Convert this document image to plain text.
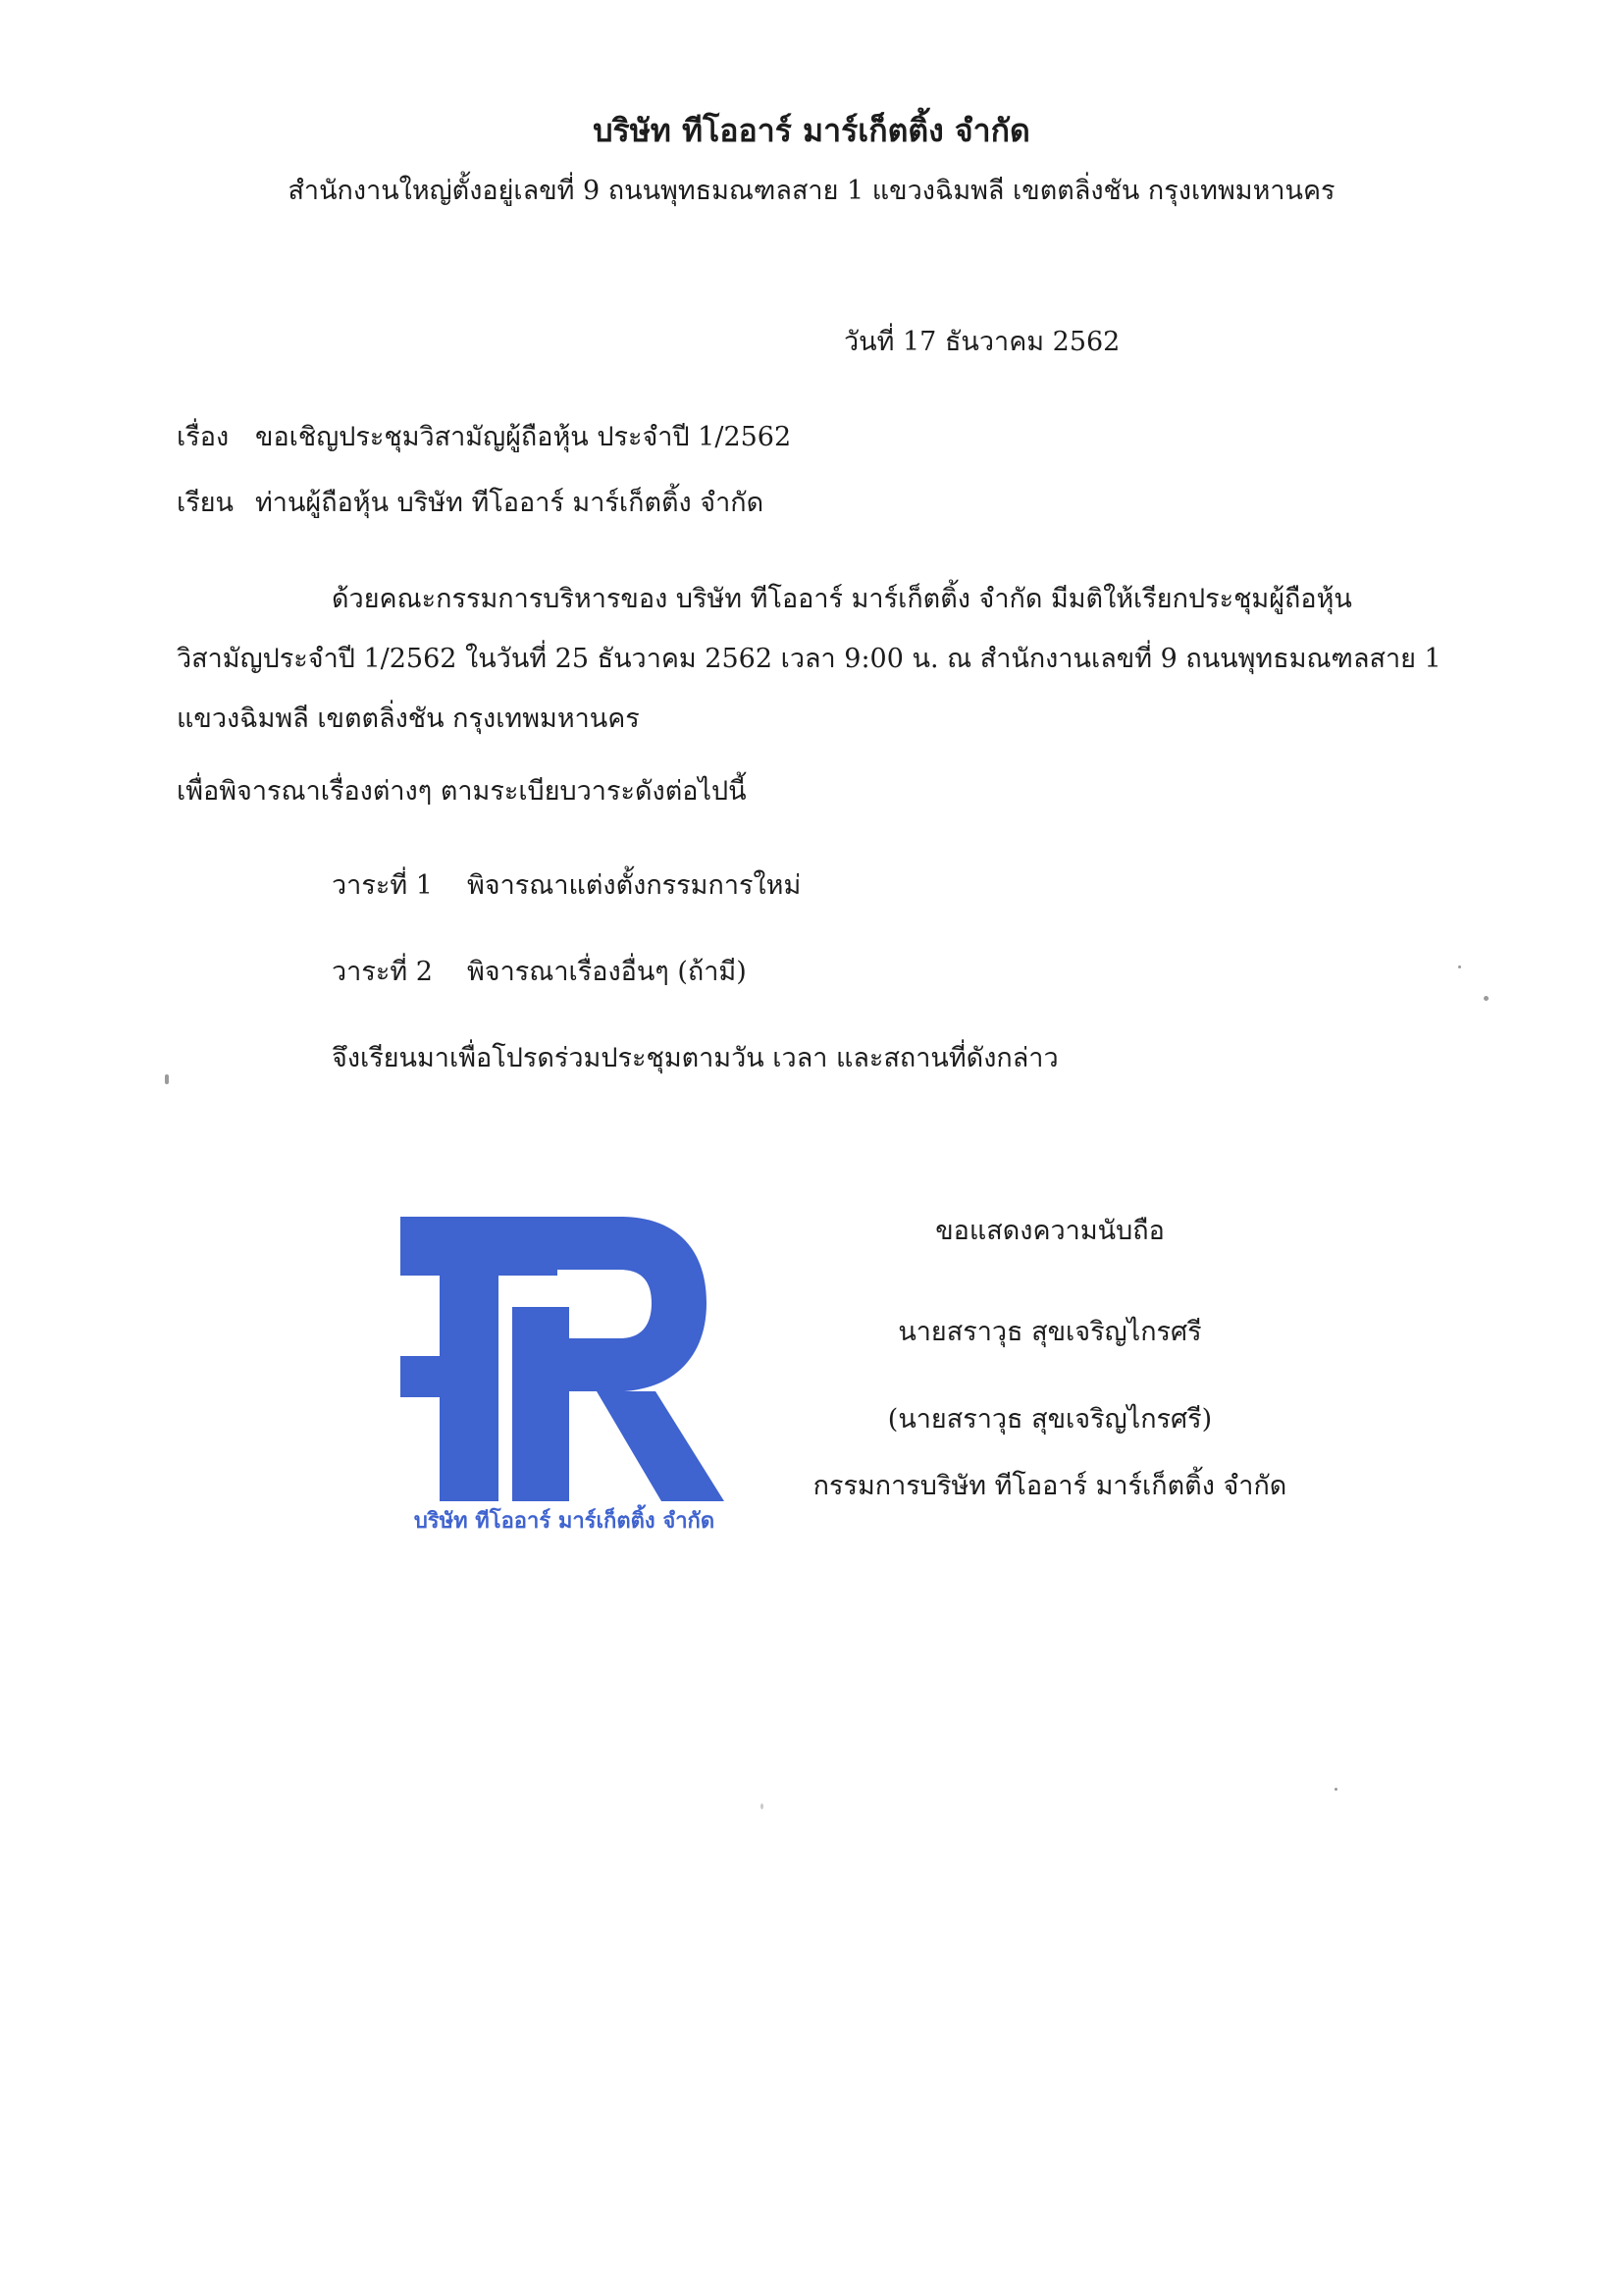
บริษัท ทีโออาร์ มาร์เก็ตติ้ง จำกัด
สำนักงานใหญ่ตั้งอยู่เลขที่ 9 ถนนพุทธมณฑลสาย 1 แขวงฉิมพลี เขตตลิ่งชัน กรุงเทพมหานคร
วันที่ 17 ธันวาคม 2562
เรื่อง ขอเชิญประชุมวิสามัญผู้ถือหุ้น ประจำปี 1/2562
เรียน ท่านผู้ถือหุ้น บริษัท ทีโออาร์ มาร์เก็ตติ้ง จำกัด
ด้วยคณะกรรมการบริหารของ บริษัท ทีโออาร์ มาร์เก็ตติ้ง จำกัด มีมติให้เรียกประชุมผู้ถือหุ้น
วิสามัญประจำปี 1/2562 ในวันที่ 25 ธันวาคม 2562 เวลา 9:00 น. ณ สำนักงานเลขที่ 9 ถนนพุทธมณฑลสาย 1
แขวงฉิมพลี เขตตลิ่งชัน กรุงเทพมหานคร
เพื่อพิจารณาเรื่องต่างๆ ตามระเบียบวาระดังต่อไปนี้
วาระที่ 1 พิจารณาแต่งตั้งกรรมการใหม่
วาระที่ 2 พิจารณาเรื่องอื่นๆ (ถ้ามี)
จึงเรียนมาเพื่อโปรดร่วมประชุมตามวัน เวลา และสถานที่ดังกล่าว
ขอแสดงความนับถือ
นายสราวุธ สุขเจริญไกรศรี
(นายสราวุธ สุขเจริญไกรศรี)
กรรมการบริษัท ทีโออาร์ มาร์เก็ตติ้ง จำกัด
บริษัท ทีโออาร์ มาร์เก็ตติ้ง จำกัด
